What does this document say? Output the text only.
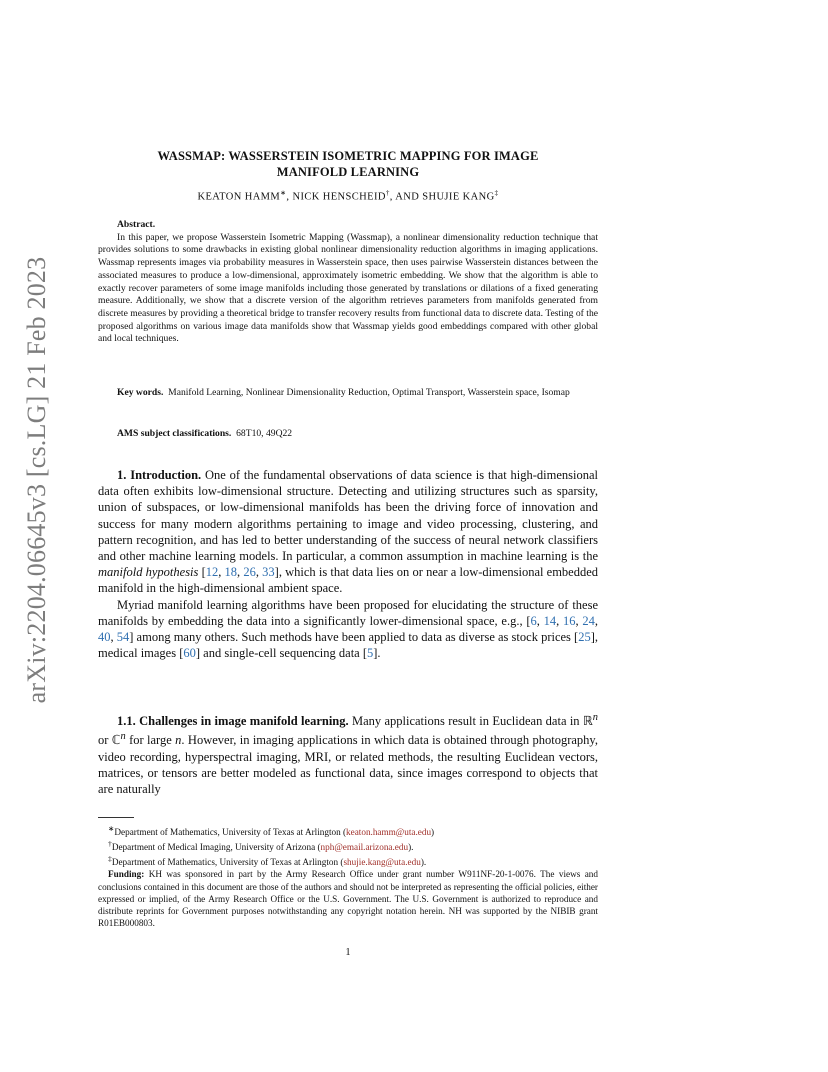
arXiv:2204.06645v3 [cs.LG] 21 Feb 2023
WASSMAP: WASSERSTEIN ISOMETRIC MAPPING FOR IMAGE
MANIFOLD LEARNING
KEATON HAMM∗, NICK HENSCHEID†, AND SHUJIE KANG‡
Abstract.

In this paper, we propose Wasserstein Isometric Mapping (Wassmap), a nonlinear dimensionality reduction technique that provides solutions to some drawbacks in existing global nonlinear dimensionality reduction algorithms in imaging applications. Wassmap represents images via probability measures in Wasserstein space, then uses pairwise Wasserstein distances between the associated measures to produce a low-dimensional, approximately isometric embedding. We show that the algorithm is able to exactly recover parameters of some image manifolds including those generated by translations or dilations of a fixed generating measure. Additionally, we show that a discrete version of the algorithm retrieves parameters from manifolds generated from discrete measures by providing a theoretical bridge to transfer recovery results from functional data to discrete data. Testing of the proposed algorithms on various image data manifolds show that Wassmap yields good embeddings compared with other global and local techniques.

Key words. Manifold Learning, Nonlinear Dimensionality Reduction, Optimal Transport, Wasserstein space, Isomap

AMS subject classifications. 68T10, 49Q22

1. Introduction. One of the fundamental observations of data science is that high-dimensional data often exhibits low-dimensional structure. Detecting and utilizing structures such as sparsity, union of subspaces, or low-dimensional manifolds has been the driving force of innovation and success for many modern algorithms pertaining to image and video processing, clustering, and pattern recognition, and has led to better understanding of the success of neural network classifiers and other machine learning models. In particular, a common assumption in machine learning is the manifold hypothesis [12, 18, 26, 33], which is that data lies on or near a low-dimensional embedded manifold in the high-dimensional ambient space.

Myriad manifold learning algorithms have been proposed for elucidating the structure of these manifolds by embedding the data into a significantly lower-dimensional space, e.g., [6, 14, 16, 24, 40, 54] among many others. Such methods have been applied to data as diverse as stock prices [25], medical images [60] and single-cell sequencing data [5].

1.1. Challenges in image manifold learning. Many applications result in Euclidean data in ℝ$^n$ or ℂ$^n$ for large n. However, in imaging applications in which data is obtained through photography, video recording, hyperspectral imaging, MRI, or related methods, the resulting Euclidean vectors, matrices, or tensors are better modeled as functional data, since images correspond to objects that are naturally

∗Department of Mathematics, University of Texas at Arlington (keaton.hamm@uta.edu)

†Department of Medical Imaging, University of Arizona (nph@email.arizona.edu).

‡Department of Mathematics, University of Texas at Arlington (shujie.kang@uta.edu).

Funding: KH was sponsored in part by the Army Research Office under grant number W911NF-20-1-0076. The views and conclusions contained in this document are those of the authors and should not be interpreted as representing the official policies, either expressed or implied, of the Army Research Office or the U.S. Government. The U.S. Government is authorized to reproduce and distribute reprints for Government purposes notwithstanding any copyright notation herein. NH was supported by the NIBIB grant R01EB000803.

1
